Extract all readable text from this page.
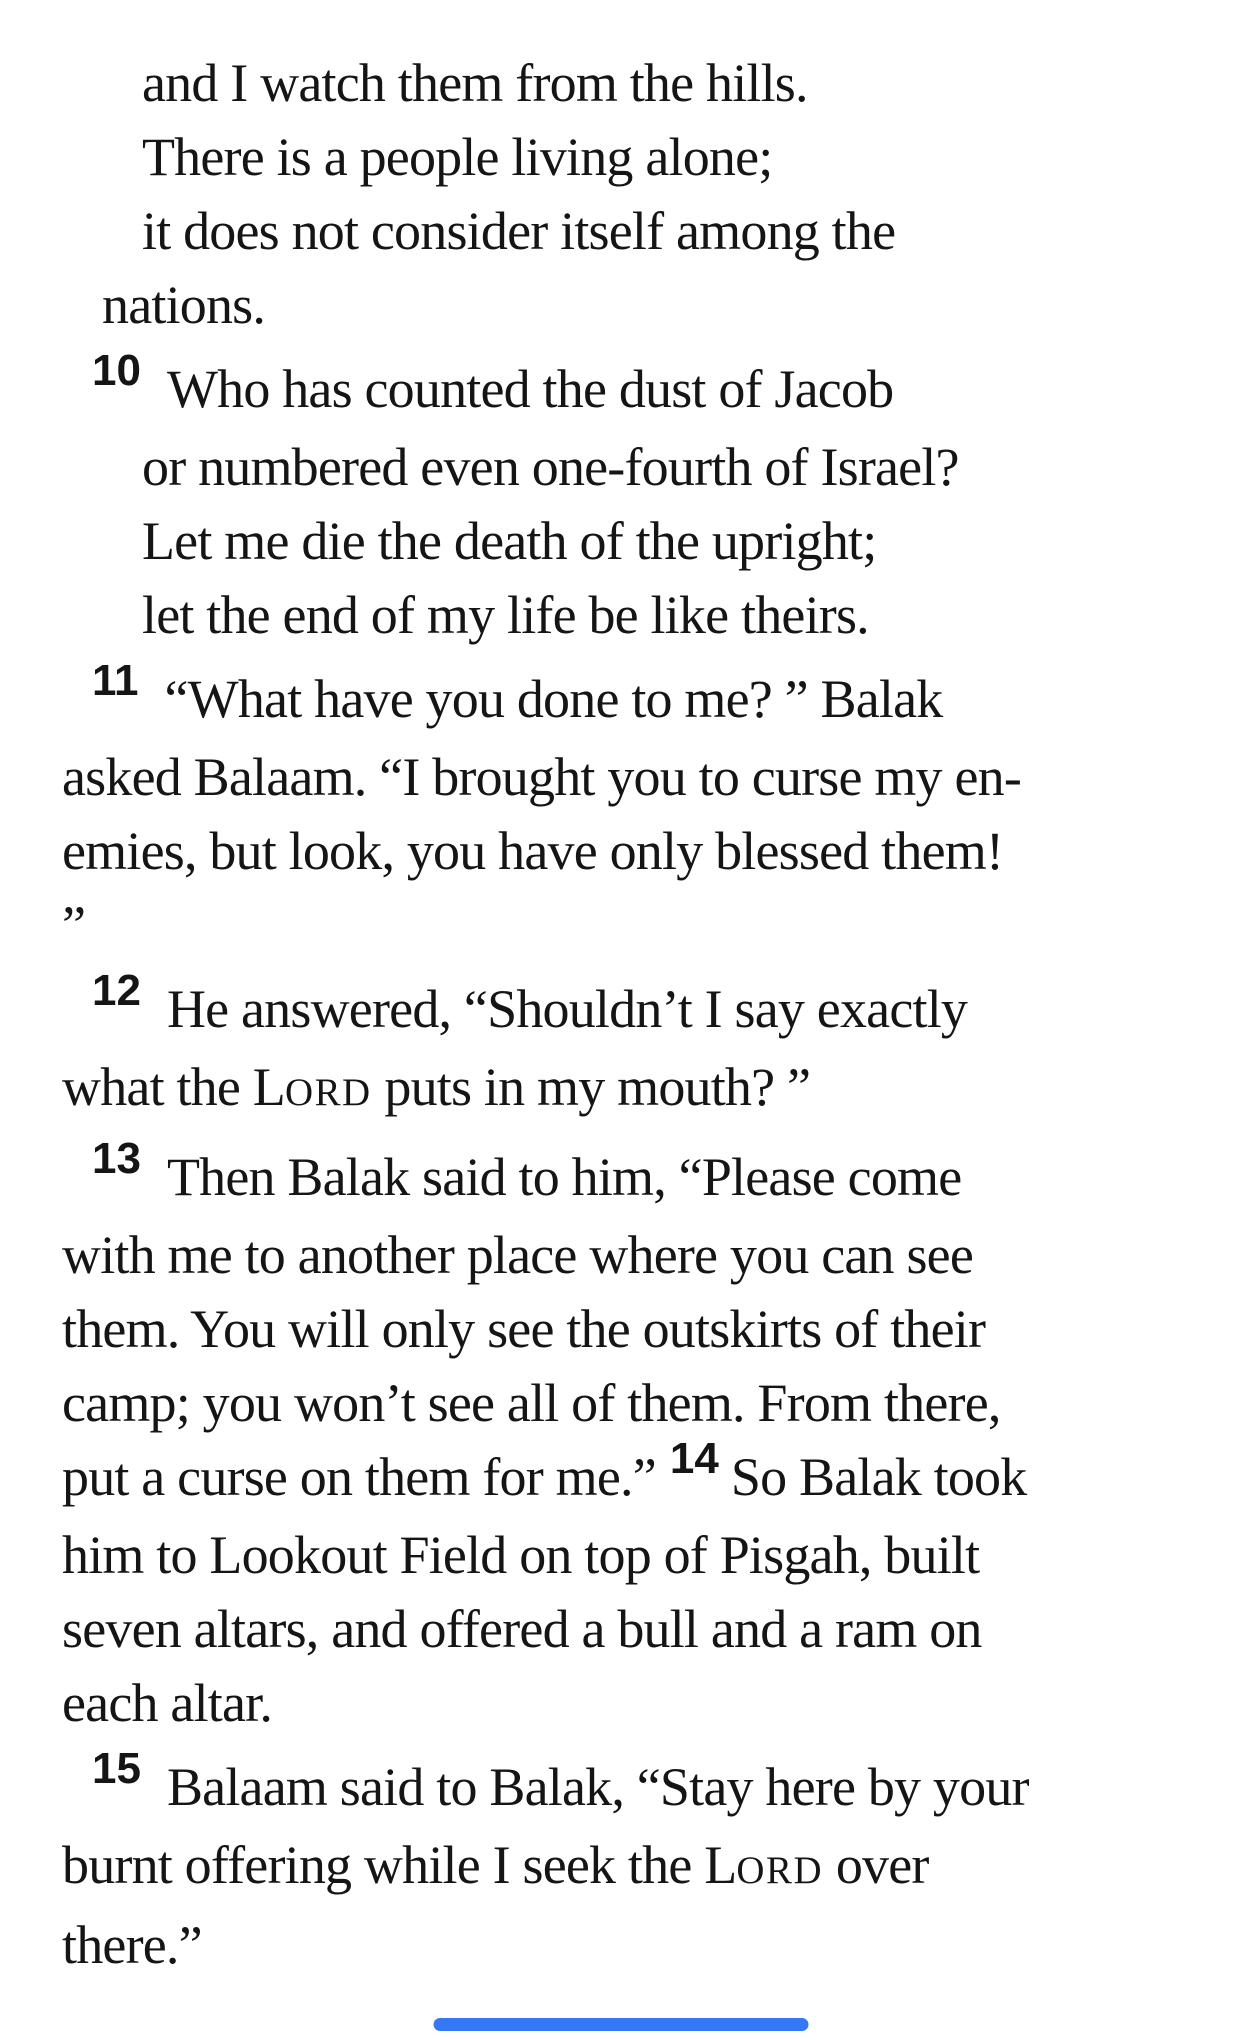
and I watch them from the hills.
There is a people living alone;
it does not consider itself among the
nations.
10 Who has counted the dust of Jacob
or numbered even one-fourth of Israel?
Let me die the death of the upright;
let the end of my life be like theirs.
11 “What have you done to me? ” Balak
asked Balaam. “I brought you to curse my en-
emies, but look, you have only blessed them!
”
12 He answered, “Shouldn’t I say exactly
what the LORD puts in my mouth? ”
13 Then Balak said to him, “Please come
with me to another place where you can see
them. You will only see the outskirts of their
camp; you won’t see all of them. From there,
put a curse on them for me.” 14 So Balak took
him to Lookout Field on top of Pisgah, built
seven altars, and offered a bull and a ram on
each altar.
15 Balaam said to Balak, “Stay here by your
burnt offering while I seek the LORD over
there.”
